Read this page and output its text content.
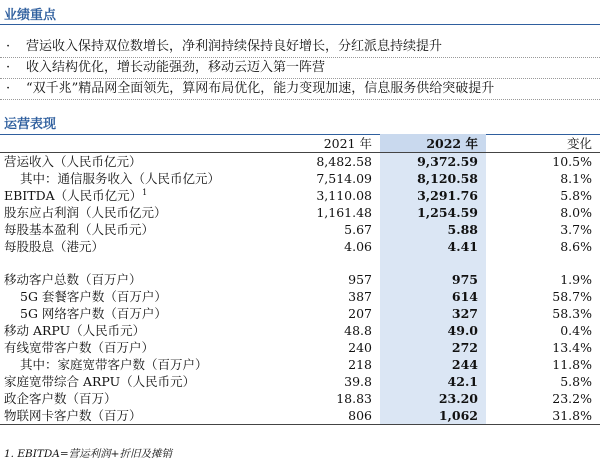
业绩重点
· 营运收入保持双位数增长，净利润持续保持良好增长，分红派息持续提升
· 收入结构优化，增长动能强劲，移动云迈入第一阵营
· “双千兆”精品网全面领先，算网布局优化，能力变现加速，信息服务供给突破提升
运营表现
	2021 年	2022 年	变化
营运收入（人民币亿元）	8,482.58	9,372.59	10.5%
其中：通信服务收入（人民币亿元）	7,514.09	8,120.58	8.1%
EBITDA（人民币亿元）$^1$	3,110.08	3,291.76	5.8%
股东应占利润（人民币亿元）	1,161.48	1,254.59	8.0%
每股基本盈利（人民币元）	5.67	5.88	3.7%
每股股息（港元）	4.06	4.41	8.6%

移动客户总数（百万户）	957	975	1.9%
5G 套餐客户数（百万户）	387	614	58.7%
5G 网络客户数（百万户）	207	327	58.3%
移动 ARPU（人民币元）	48.8	49.0	0.4%
有线宽带客户数（百万户）	240	272	13.4%
其中：家庭宽带客户数（百万户）	218	244	11.8%
家庭宽带综合 ARPU（人民币元）	39.8	42.1	5.8%
政企客户数（百万）	18.83	23.20	23.2%
物联网卡客户数（百万）	806	1,062	31.8%
1. EBITDA=营运利润+折旧及摊销
